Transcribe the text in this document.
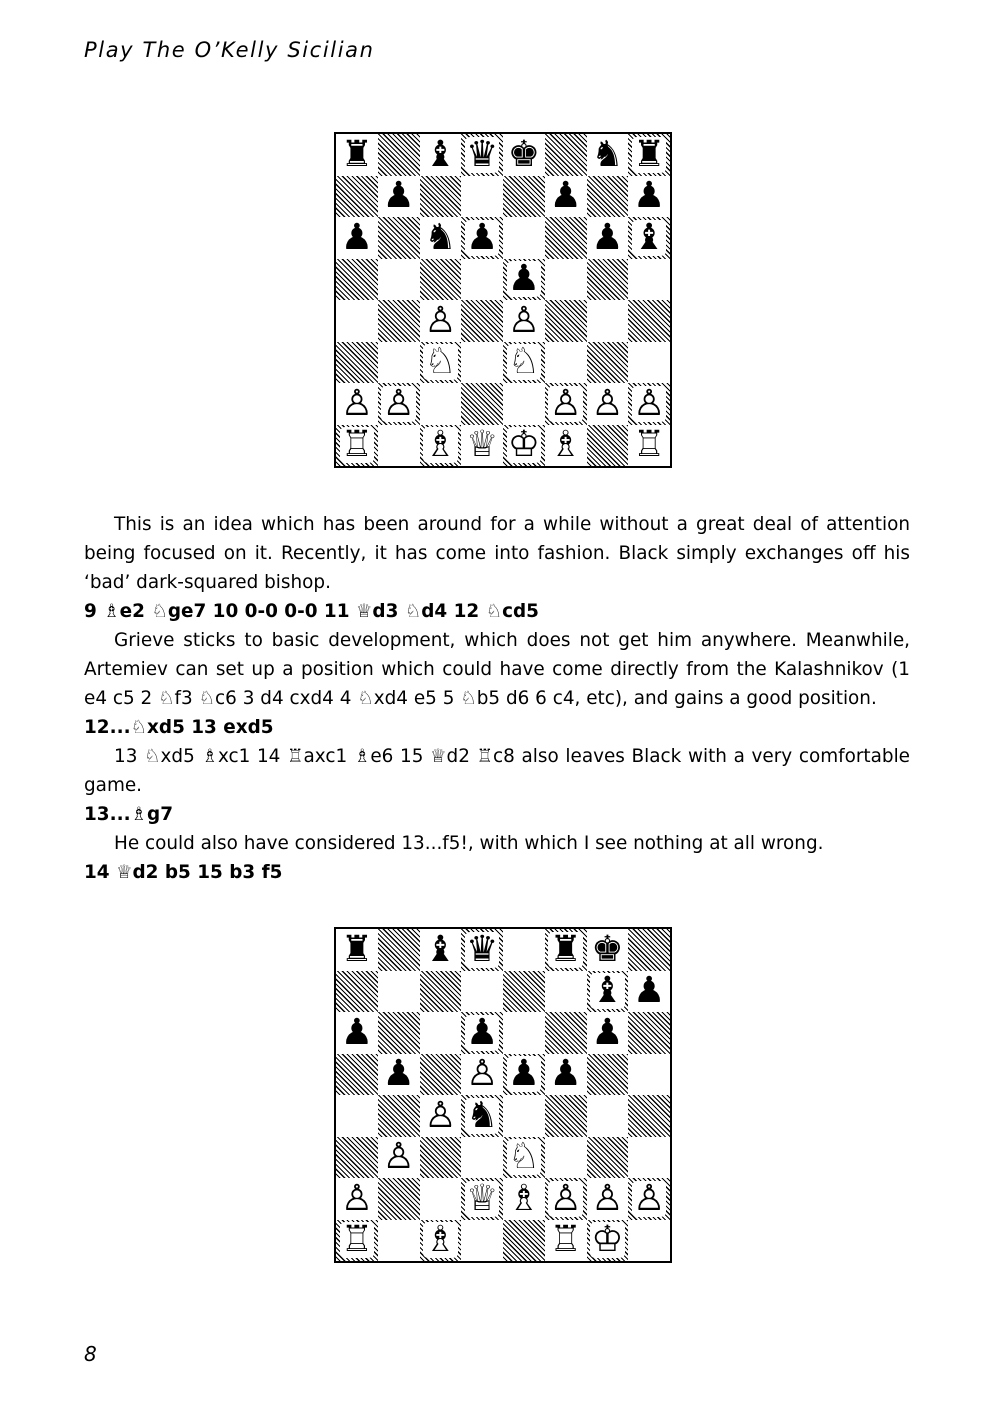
Play The O’Kelly Sicilian
♜ ♝ ♛ ♚ ♞ ♜
♟	♟ ♟
♟ ♞ ♟	♟ ♝
♟
♙ ♙
♘ ♘
♙ ♙	♙ ♙ ♙
♖ ♗ ♕ ♔ ♗ ♖

This is an idea which has been around for a while without a great deal of attention being focused on it. Recently, it has come into fashion. Black simply exchanges off his ‘bad’ dark-squared bishop.

9 ♗e2 ♘ge7 10 0-0 0-0 11 ♕d3 ♘d4 12 ♘cd5

Grieve sticks to basic development, which does not get him anywhere. Meanwhile, Artemiev can set up a position which could have come directly from the Kalashnikov (1 e4 c5 2 ♘f3 ♘c6 3 d4 cxd4 4 ♘xd4 e5 5 ♘b5 d6 6 c4, etc), and gains a good position.

12...♘xd5 13 exd5

13 ♘xd5 ♗xc1 14 ♖axc1 ♗e6 15 ♕d2 ♖c8 also leaves Black with a very comfortable game.

13...♗g7

He could also have considered 13...f5!, with which I see nothing at all wrong.

14 ♕d2 b5 15 b3 f5

♜ ♝ ♛ ♜ ♚
♝ ♟
♟	♟	♟
♟ ♙ ♟ ♟
♙ ♞
♙	♘
♙	♕ ♗ ♙ ♙ ♙
♖ ♗	♖ ♔
8
